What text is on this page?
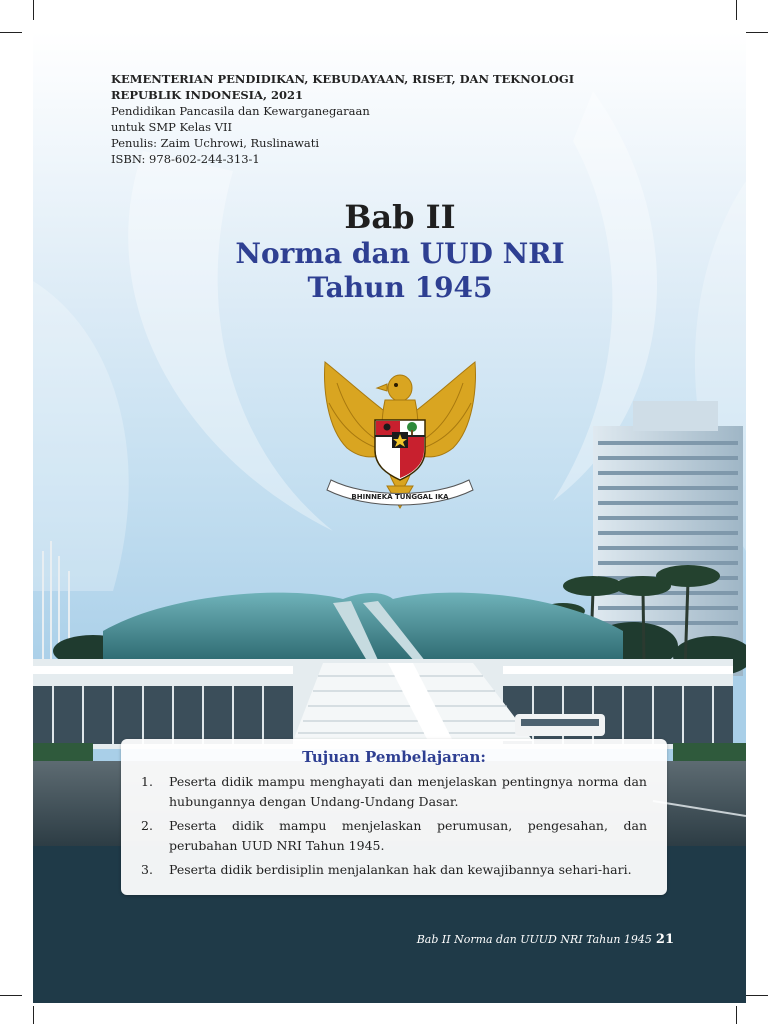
KEMENTERIAN PENDIDIKAN, KEBUDAYAAN, RISET, DAN TEKNOLOGI
REPUBLIK INDONESIA, 2021
Pendidikan Pancasila dan Kewarganegaraan
untuk SMP Kelas VII
Penulis: Zaim Uchrowi, Ruslinawati
ISBN: 978-602-244-313-1
Bab II
Norma dan UUD NRI
Tahun 1945
BHINNEKA TUNGGAL IKA
Tujuan Pembelajaran:
1. Peserta didik mampu menghayati dan menjelaskan pentingnya norma dan hubungannya dengan Undang-Undang Dasar.
2. Peserta didik mampu menjelaskan perumusan, pengesahan, dan perubahan UUD NRI Tahun 1945.
3. Peserta didik berdisiplin menjalankan hak dan kewajibannya sehari-hari.
Bab II Norma dan UUUD NRI Tahun 1945 21
